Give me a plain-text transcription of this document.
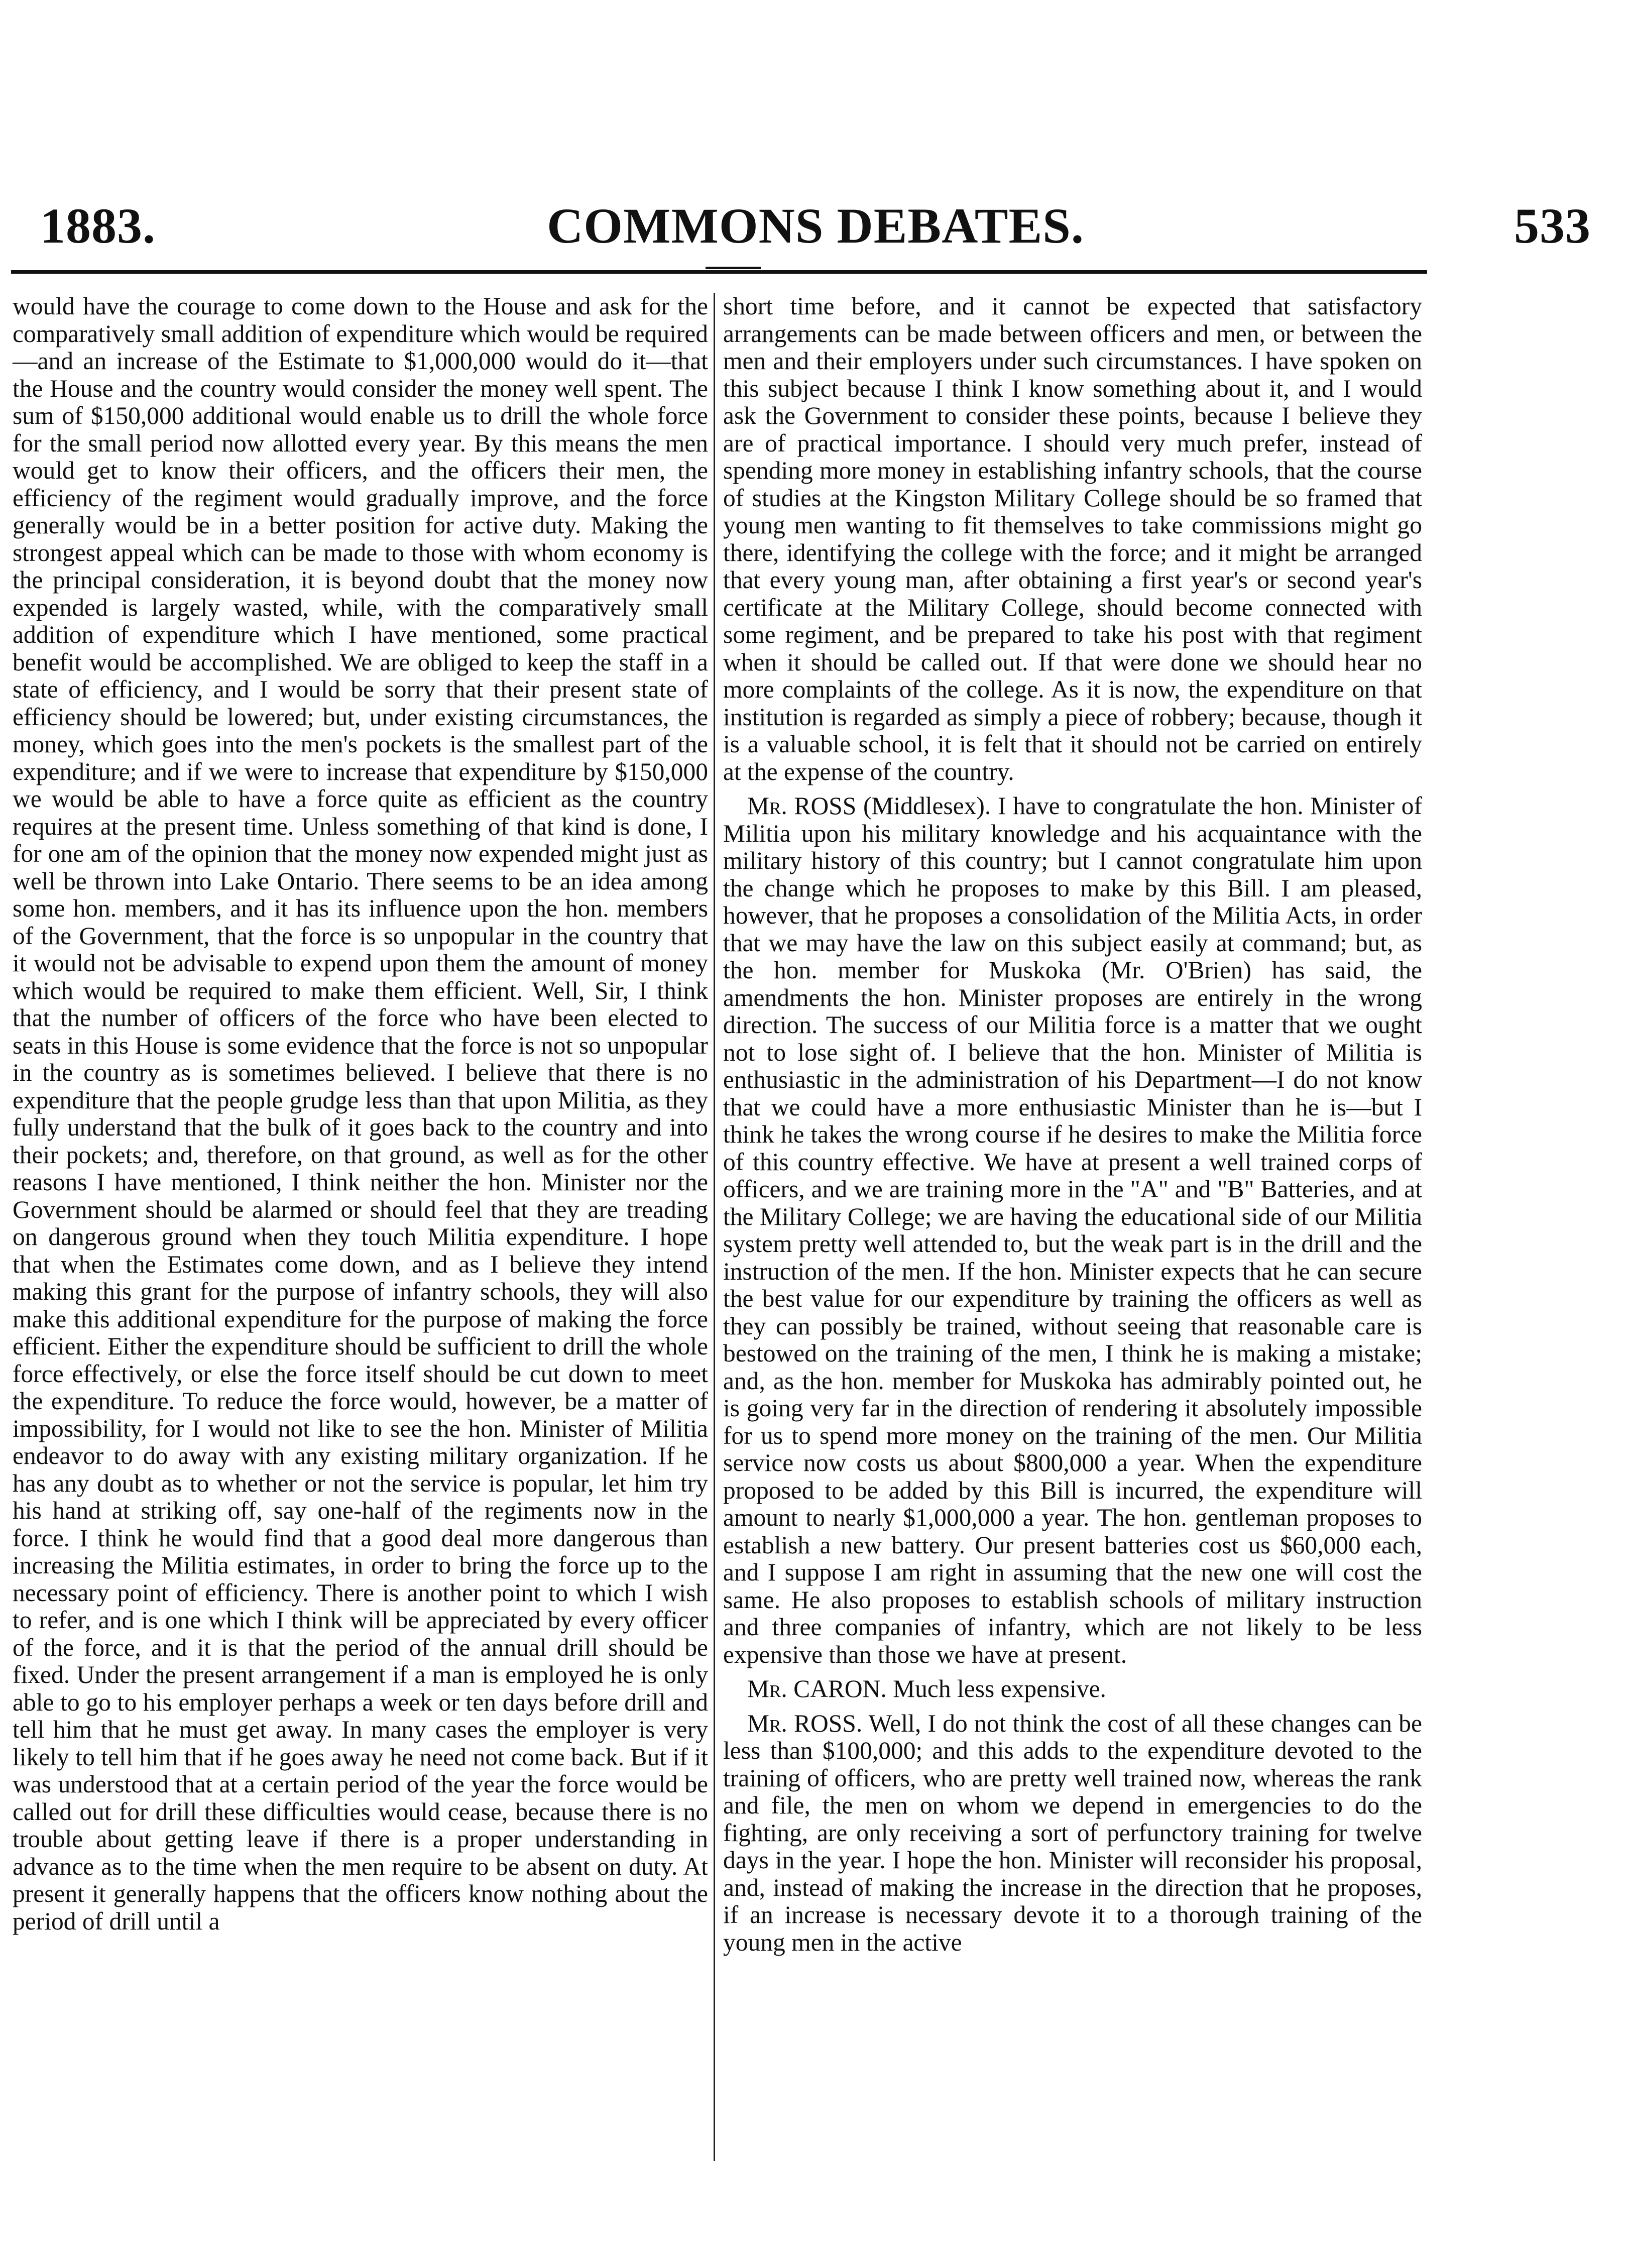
1883.	COMMONS DEBATES.	533

would have the courage to come down to the House and ask for the comparatively small addition of expenditure which would be required—and an increase of the Estimate to $1,000,000 would do it—that the House and the country would consider the money well spent. The sum of $150,000 additional would enable us to drill the whole force for the small period now allotted every year. By this means the men would get to know their officers, and the officers their men, the efficiency of the regiment would gradually improve, and the force generally would be in a better position for active duty. Making the strongest appeal which can be made to those with whom economy is the principal consideration, it is beyond doubt that the money now expended is largely wasted, while, with the comparatively small addition of expenditure which I have mentioned, some practical benefit would be accomplished. We are obliged to keep the staff in a state of efficiency, and I would be sorry that their present state of efficiency should be lowered; but, under existing circumstances, the money, which goes into the men's pockets is the smallest part of the expenditure; and if we were to increase that expenditure by $150,000 we would be able to have a force quite as efficient as the country requires at the present time. Unless something of that kind is done, I for one am of the opinion that the money now expended might just as well be thrown into Lake Ontario. There seems to be an idea among some hon. members, and it has its influence upon the hon. members of the Government, that the force is so unpopular in the country that it would not be advisable to expend upon them the amount of money which would be required to make them efficient. Well, Sir, I think that the number of officers of the force who have been elected to seats in this House is some evidence that the force is not so unpopular in the country as is sometimes believed. I believe that there is no expenditure that the people grudge less than that upon Militia, as they fully understand that the bulk of it goes back to the country and into their pockets; and, therefore, on that ground, as well as for the other reasons I have mentioned, I think neither the hon. Minister nor the Government should be alarmed or should feel that they are treading on dangerous ground when they touch Militia expenditure. I hope that when the Estimates come down, and as I believe they intend making this grant for the purpose of infantry schools, they will also make this additional expenditure for the purpose of making the force efficient. Either the expenditure should be sufficient to drill the whole force effectively, or else the force itself should be cut down to meet the expenditure. To reduce the force would, however, be a matter of impossibility, for I would not like to see the hon. Minister of Militia endeavor to do away with any existing military organization. If he has any doubt as to whether or not the service is popular, let him try his hand at striking off, say one-half of the regiments now in the force. I think he would find that a good deal more dangerous than increasing the Militia estimates, in order to bring the force up to the necessary point of efficiency. There is another point to which I wish to refer, and is one which I think will be appreciated by every officer of the force, and it is that the period of the annual drill should be fixed. Under the present arrangement if a man is employed he is only able to go to his employer perhaps a week or ten days before drill and tell him that he must get away. In many cases the employer is very likely to tell him that if he goes away he need not come back. But if it was understood that at a certain period of the year the force would be called out for drill these difficulties would cease, because there is no trouble about getting leave if there is a proper understanding in advance as to the time when the men require to be absent on duty. At present it generally happens that the officers know nothing about the period of drill until a

short time before, and it cannot be expected that satisfactory arrangements can be made between officers and men, or between the men and their employers under such circumstances. I have spoken on this subject because I think I know something about it, and I would ask the Government to consider these points, because I believe they are of practical importance. I should very much prefer, instead of spending more money in establishing infantry schools, that the course of studies at the Kingston Military College should be so framed that young men wanting to fit themselves to take commissions might go there, identifying the college with the force; and it might be arranged that every young man, after obtaining a first year's or second year's certificate at the Military College, should become connected with some regiment, and be prepared to take his post with that regiment when it should be called out. If that were done we should hear no more complaints of the college. As it is now, the expenditure on that institution is regarded as simply a piece of robbery; because, though it is a valuable school, it is felt that it should not be carried on entirely at the expense of the country.

Mr. ROSS (Middlesex). I have to congratulate the hon. Minister of Militia upon his military knowledge and his acquaintance with the military history of this country; but I cannot congratulate him upon the change which he proposes to make by this Bill. I am pleased, however, that he proposes a consolidation of the Militia Acts, in order that we may have the law on this subject easily at command; but, as the hon. member for Muskoka (Mr. O'Brien) has said, the amendments the hon. Minister proposes are entirely in the wrong direction. The success of our Militia force is a matter that we ought not to lose sight of. I believe that the hon. Minister of Militia is enthusiastic in the administration of his Department—I do not know that we could have a more enthusiastic Minister than he is—but I think he takes the wrong course if he desires to make the Militia force of this country effective. We have at present a well trained corps of officers, and we are training more in the "A" and "B" Batteries, and at the Military College; we are having the educational side of our Militia system pretty well attended to, but the weak part is in the drill and the instruction of the men. If the hon. Minister expects that he can secure the best value for our expenditure by training the officers as well as they can possibly be trained, without seeing that reasonable care is bestowed on the training of the men, I think he is making a mistake; and, as the hon. member for Muskoka has admirably pointed out, he is going very far in the direction of rendering it absolutely impossible for us to spend more money on the training of the men. Our Militia service now costs us about $800,000 a year. When the expenditure proposed to be added by this Bill is incurred, the expenditure will amount to nearly $1,000,000 a year. The hon. gentleman proposes to establish a new battery. Our present batteries cost us $60,000 each, and I suppose I am right in assuming that the new one will cost the same. He also proposes to establish schools of military instruction and three companies of infantry, which are not likely to be less expensive than those we have at present.

Mr. CARON. Much less expensive.

Mr. ROSS. Well, I do not think the cost of all these changes can be less than $100,000; and this adds to the expenditure devoted to the training of officers, who are pretty well trained now, whereas the rank and file, the men on whom we depend in emergencies to do the fighting, are only receiving a sort of perfunctory training for twelve days in the year. I hope the hon. Minister will reconsider his proposal, and, instead of making the increase in the direction that he proposes, if an increase is necessary devote it to a thorough training of the young men in the active
